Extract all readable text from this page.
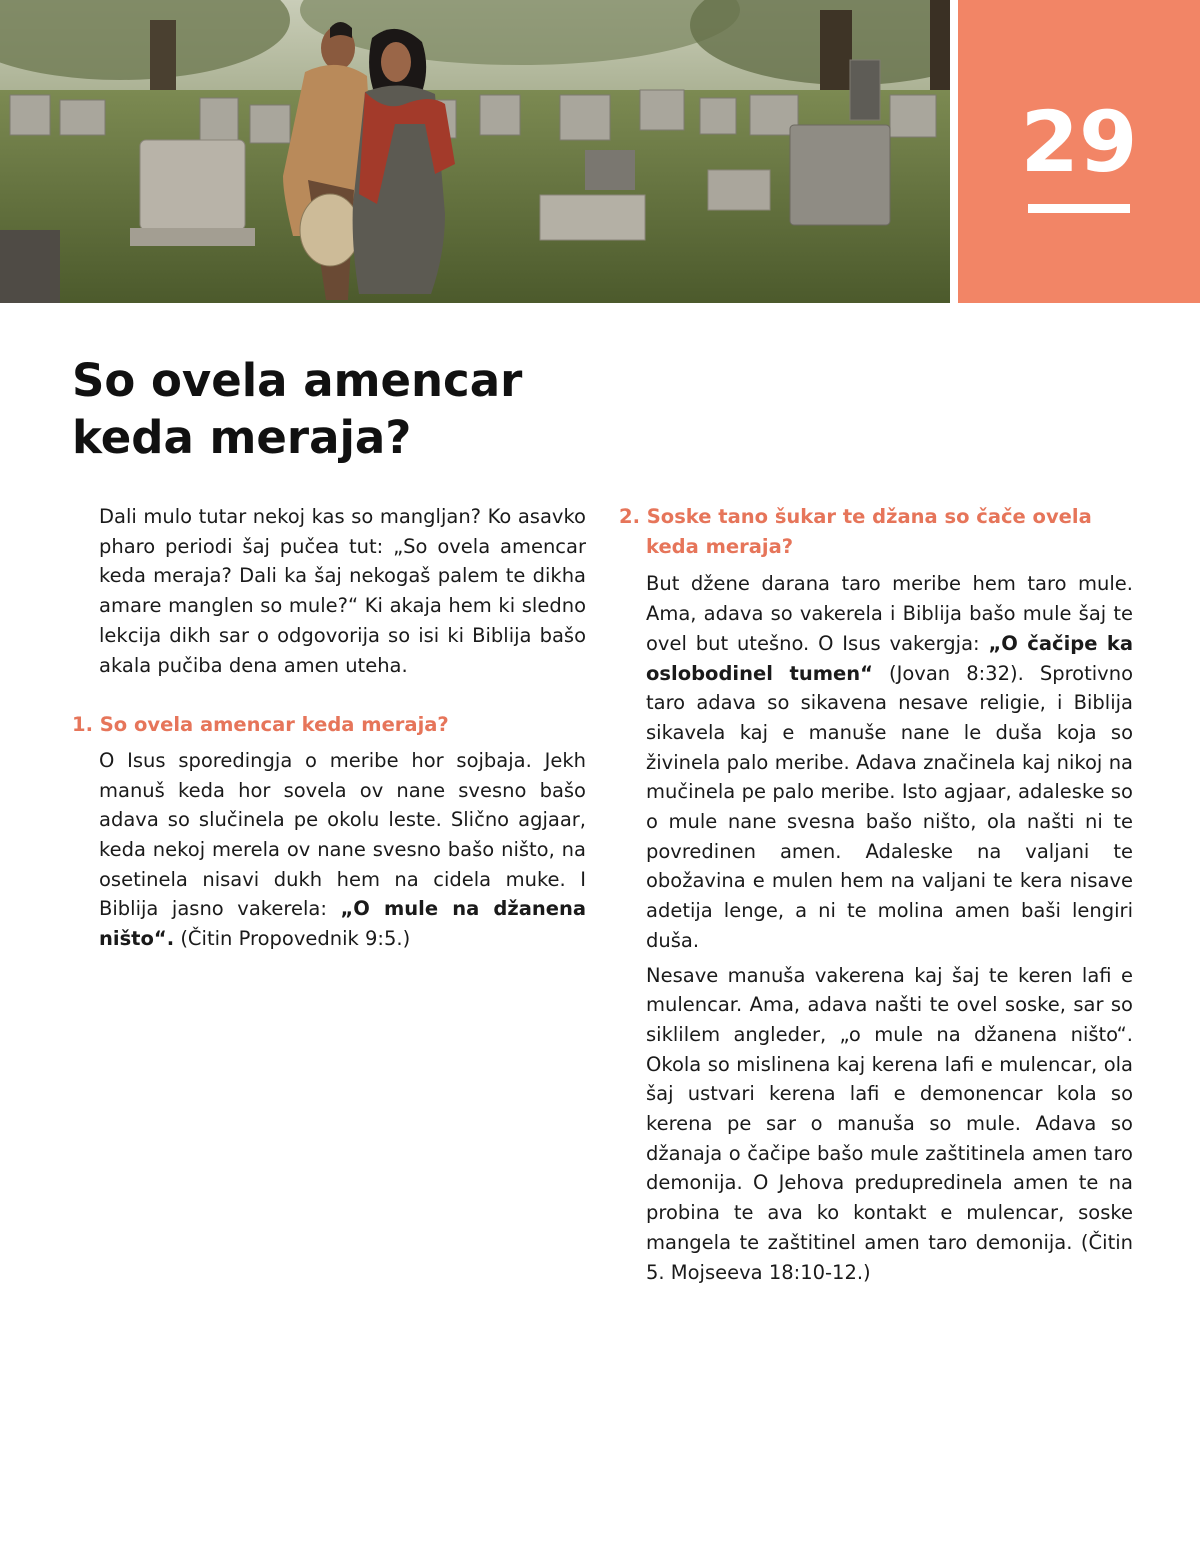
29
So ovela amencar
keda meraja?

Dali mulo tutar nekoj kas so mangljan? Ko asavko pharo periodi šaj pučea tut: „So ovela amencar keda meraja? Dali ka šaj nekogaš palem te dikha amare manglen so mule?“ Ki akaja hem ki sledno lekcija dikh sar o odgovorija so isi ki Biblija bašo akala pučiba dena amen uteha.

1. So ovela amencar keda meraja?

O Isus sporedingja o meribe hor sojbaja. Jekh manuš keda hor sovela ov nane svesno bašo adava so slučinela pe okolu leste. Slično agjaar, keda nekoj merela ov nane svesno bašo ništo, na osetinela nisavi dukh hem na cidela muke. I Biblija jasno vakerela: „O mule na džanena ništo“. (Čitin Propovednik 9:5.)

2. Soske tano šukar te džana so čače ovela keda meraja?

But džene darana taro meribe hem taro mule. Ama, adava so vakerela i Biblija bašo mule šaj te ovel but utešno. O Isus vakergja: „O čačipe ka oslobodinel tumen“ (Jovan 8:32). Sprotivno taro adava so sikavena nesave religie, i Biblija sikavela kaj e manuše nane le duša koja so živinela palo meribe. Adava značinela kaj nikoj na mučinela pe palo meribe. Isto agjaar, adaleske so o mule nane svesna bašo ništo, ola našti ni te povredinen amen. Adaleske na valjani te obožavina e mulen hem na valjani te kera nisave adetija lenge, a ni te molina amen baši lengiri duša.

Nesave manuša vakerena kaj šaj te keren lafi e mulencar. Ama, adava našti te ovel soske, sar so siklilem angleder, „o mule na džanena ništo“. Okola so mislinena kaj kerena lafi e mulencar, ola šaj ustvari kerena lafi e demonencar kola so kerena pe sar o manuša so mule. Adava so džanaja o čačipe bašo mule zaštitinela amen taro demonija. O Jehova predupredinela amen te na probina te ava ko kontakt e mulencar, soske mangela te zaštitinel amen taro demonija. (Čitin 5. Mojseeva 18:10-12.)
